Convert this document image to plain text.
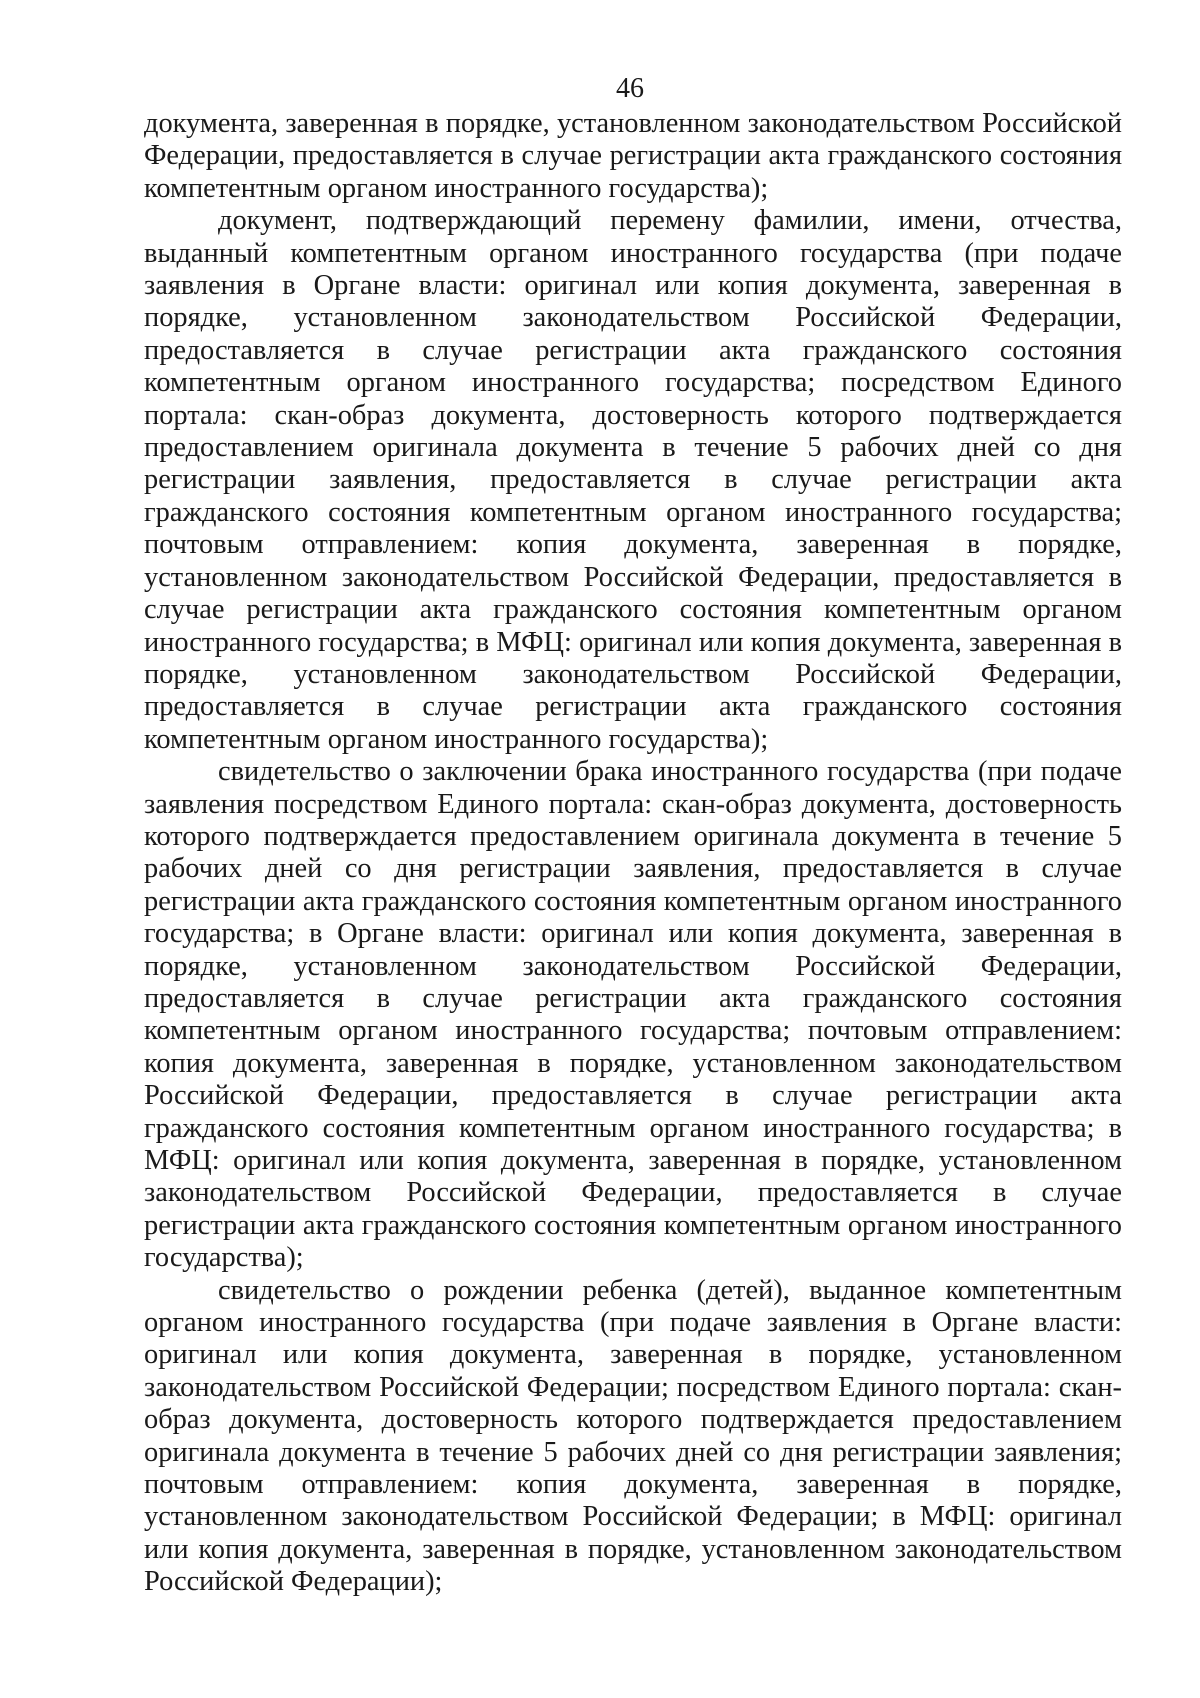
46

документа, заверенная в порядке, установленном законодательством Российской Федерации, предоставляется в случае регистрации акта гражданского состояния компетентным органом иностранного государства);

документ, подтверждающий перемену фамилии, имени, отчества, выданный компетентным органом иностранного государства (при подаче заявления в Органе власти: оригинал или копия документа, заверенная в порядке, установленном законодательством Российской Федерации, предоставляется в случае регистрации акта гражданского состояния компетентным органом иностранного государства; посредством Единого портала: скан-образ документа, достоверность которого подтверждается предоставлением оригинала документа в течение 5 рабочих дней со дня регистрации заявления, предоставляется в случае регистрации акта гражданского состояния компетентным органом иностранного государства; почтовым отправлением: копия документа, заверенная в порядке, установленном законодательством Российской Федерации, предоставляется в случае регистрации акта гражданского состояния компетентным органом иностранного государства; в МФЦ: оригинал или копия документа, заверенная в порядке, установленном законодательством Российской Федерации, предоставляется в случае регистрации акта гражданского состояния компетентным органом иностранного государства);

свидетельство о заключении брака иностранного государства (при подаче заявления посредством Единого портала: скан-образ документа, достоверность которого подтверждается предоставлением оригинала документа в течение 5 рабочих дней со дня регистрации заявления, предоставляется в случае регистрации акта гражданского состояния компетентным органом иностранного государства; в Органе власти: оригинал или копия документа, заверенная в порядке, установленном законодательством Российской Федерации, предоставляется в случае регистрации акта гражданского состояния компетентным органом иностранного государства; почтовым отправлением: копия документа, заверенная в порядке, установленном законодательством Российской Федерации, предоставляется в случае регистрации акта гражданского состояния компетентным органом иностранного государства; в МФЦ: оригинал или копия документа, заверенная в порядке, установленном законодательством Российской Федерации, предоставляется в случае регистрации акта гражданского состояния компетентным органом иностранного государства);

свидетельство о рождении ребенка (детей), выданное компетентным органом иностранного государства (при подаче заявления в Органе власти: оригинал или копия документа, заверенная в порядке, установленном законодательством Российской Федерации; посредством Единого портала: скан-образ документа, достоверность которого подтверждается предоставлением оригинала документа в течение 5 рабочих дней со дня регистрации заявления; почтовым отправлением: копия документа, заверенная в порядке, установленном законодательством Российской Федерации; в МФЦ: оригинал или копия документа, заверенная в порядке, установленном законодательством Российской Федерации);
